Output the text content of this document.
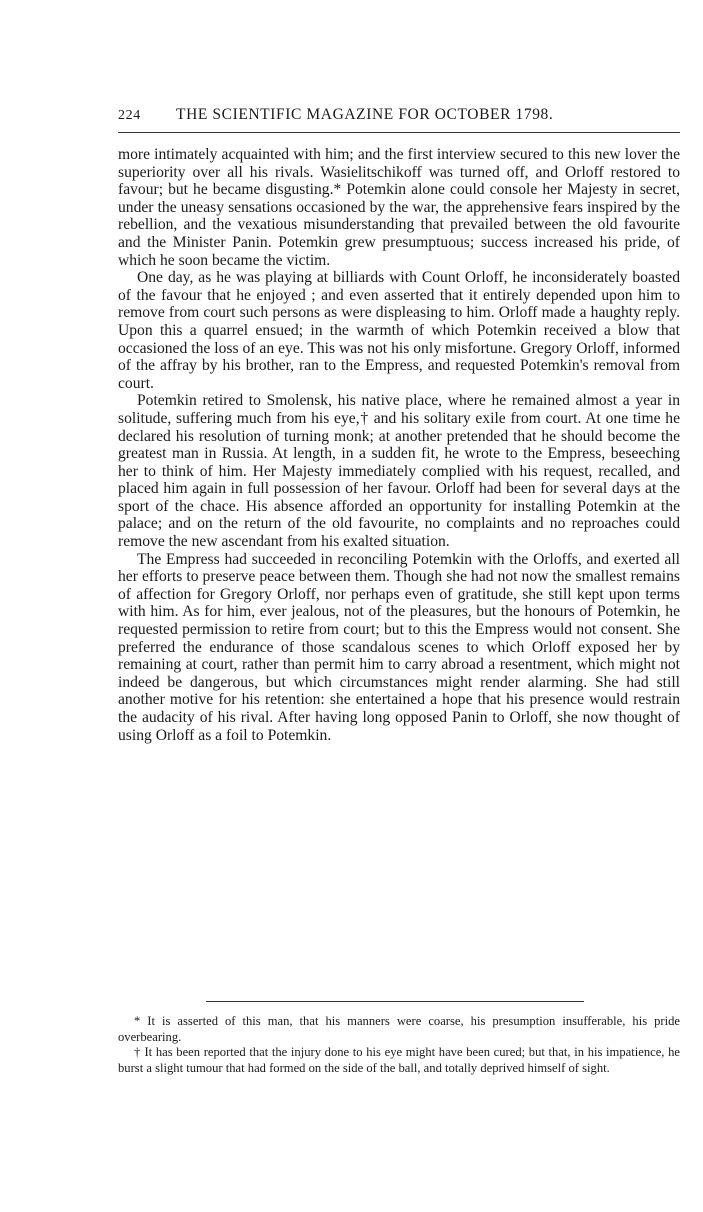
224 THE SCIENTIFIC MAGAZINE FOR OCTOBER 1798.

more intimately acquainted with him; and the first interview secured to this new lover the superiority over all his rivals. Wasielitschikoff was turned off, and Orloff restored to favour; but he became disgusting.* Potemkin alone could console her Majesty in secret, under the uneasy sensations occasioned by the war, the apprehensive fears inspired by the rebellion, and the vexatious misunderstanding that prevailed between the old favourite and the Minister Panin. Potemkin grew presumptuous; success increased his pride, of which he soon became the victim.

One day, as he was playing at billiards with Count Orloff, he inconsiderately boasted of the favour that he enjoyed ; and even asserted that it entirely depended upon him to remove from court such persons as were displeasing to him. Orloff made a haughty reply. Upon this a quarrel ensued; in the warmth of which Potemkin received a blow that occasioned the loss of an eye. This was not his only misfortune. Gregory Orloff, informed of the affray by his brother, ran to the Empress, and requested Potemkin's removal from court.

Potemkin retired to Smolensk, his native place, where he remained almost a year in solitude, suffering much from his eye,† and his solitary exile from court. At one time he declared his resolution of turning monk; at another pretended that he should become the greatest man in Russia. At length, in a sudden fit, he wrote to the Empress, beseeching her to think of him. Her Majesty immediately complied with his request, recalled, and placed him again in full possession of her favour. Orloff had been for several days at the sport of the chace. His absence afforded an opportunity for installing Potemkin at the palace; and on the return of the old favourite, no complaints and no reproaches could remove the new ascendant from his exalted situation.

The Empress had succeeded in reconciling Potemkin with the Orloffs, and exerted all her efforts to preserve peace between them. Though she had not now the smallest remains of affection for Gregory Orloff, nor perhaps even of gratitude, she still kept upon terms with him. As for him, ever jealous, not of the pleasures, but the honours of Potemkin, he requested permission to retire from court; but to this the Empress would not consent. She preferred the endurance of those scandalous scenes to which Orloff exposed her by remaining at court, rather than permit him to carry abroad a resentment, which might not indeed be dangerous, but which circumstances might render alarming. She had still another motive for his retention: she entertained a hope that his presence would restrain the audacity of his rival. After having long opposed Panin to Orloff, she now thought of using Orloff as a foil to Potemkin.

* It is asserted of this man, that his manners were coarse, his presumption insufferable, his pride overbearing.

† It has been reported that the injury done to his eye might have been cured; but that, in his impatience, he burst a slight tumour that had formed on the side of the ball, and totally deprived himself of sight.
